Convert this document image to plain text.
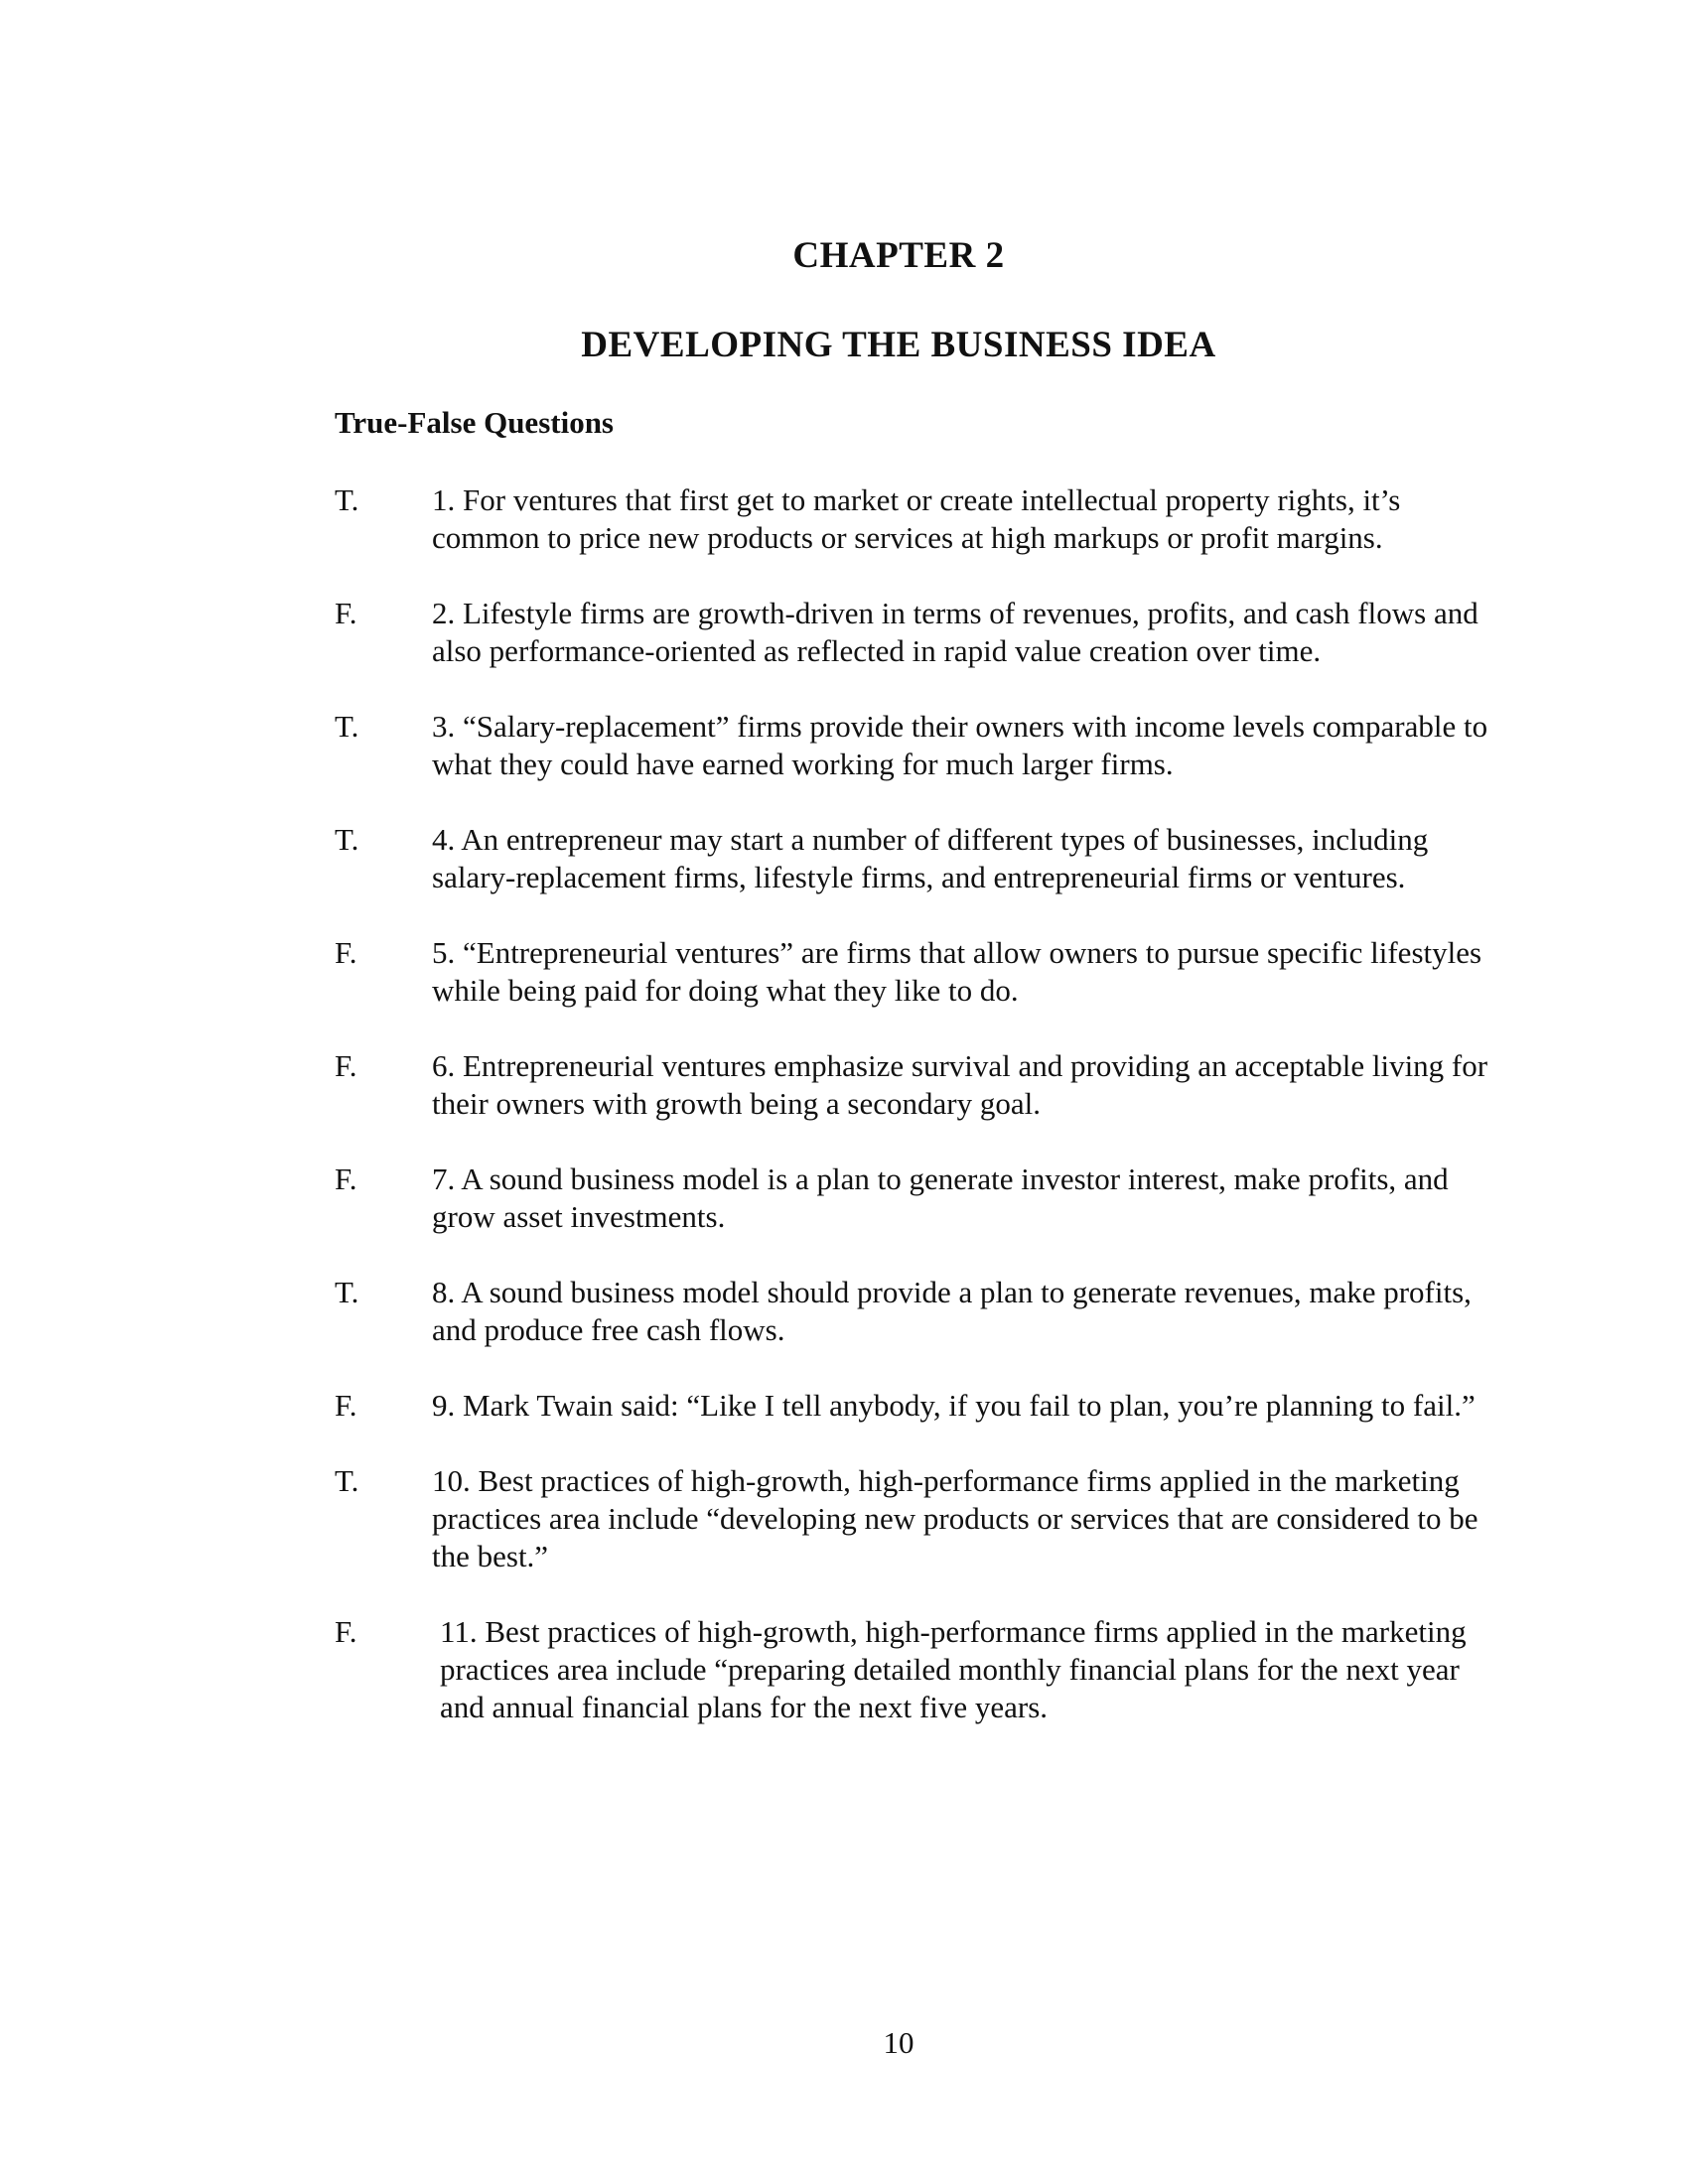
CHAPTER 2
DEVELOPING THE BUSINESS IDEA
True-False Questions
T.	1. For ventures that first get to market or create intellectual property rights, it’s common to price new products or services at high markups or profit margins.
F.	2. Lifestyle firms are growth-driven in terms of revenues, profits, and cash flows and also performance-oriented as reflected in rapid value creation over time.
T.	3. “Salary-replacement” firms provide their owners with income levels comparable to what they could have earned working for much larger firms.
T.	4. An entrepreneur may start a number of different types of businesses, including salary-replacement firms, lifestyle firms, and entrepreneurial firms or ventures.
F.	5. “Entrepreneurial ventures” are firms that allow owners to pursue specific lifestyles while being paid for doing what they like to do.
F.	6. Entrepreneurial ventures emphasize survival and providing an acceptable living for their owners with growth being a secondary goal.
F.	7. A sound business model is a plan to generate investor interest, make profits, and grow asset investments.
T.	8. A sound business model should provide a plan to generate revenues, make profits, and produce free cash flows.
F.	9. Mark Twain said: “Like I tell anybody, if you fail to plan, you’re planning to fail.”
T.	10. Best practices of high-growth, high-performance firms applied in the marketing practices area include “developing new products or services that are considered to be the best.”
F.	11. Best practices of high-growth, high-performance firms applied in the marketing practices area include “preparing detailed monthly financial plans for the next year and annual financial plans for the next five years.
10
